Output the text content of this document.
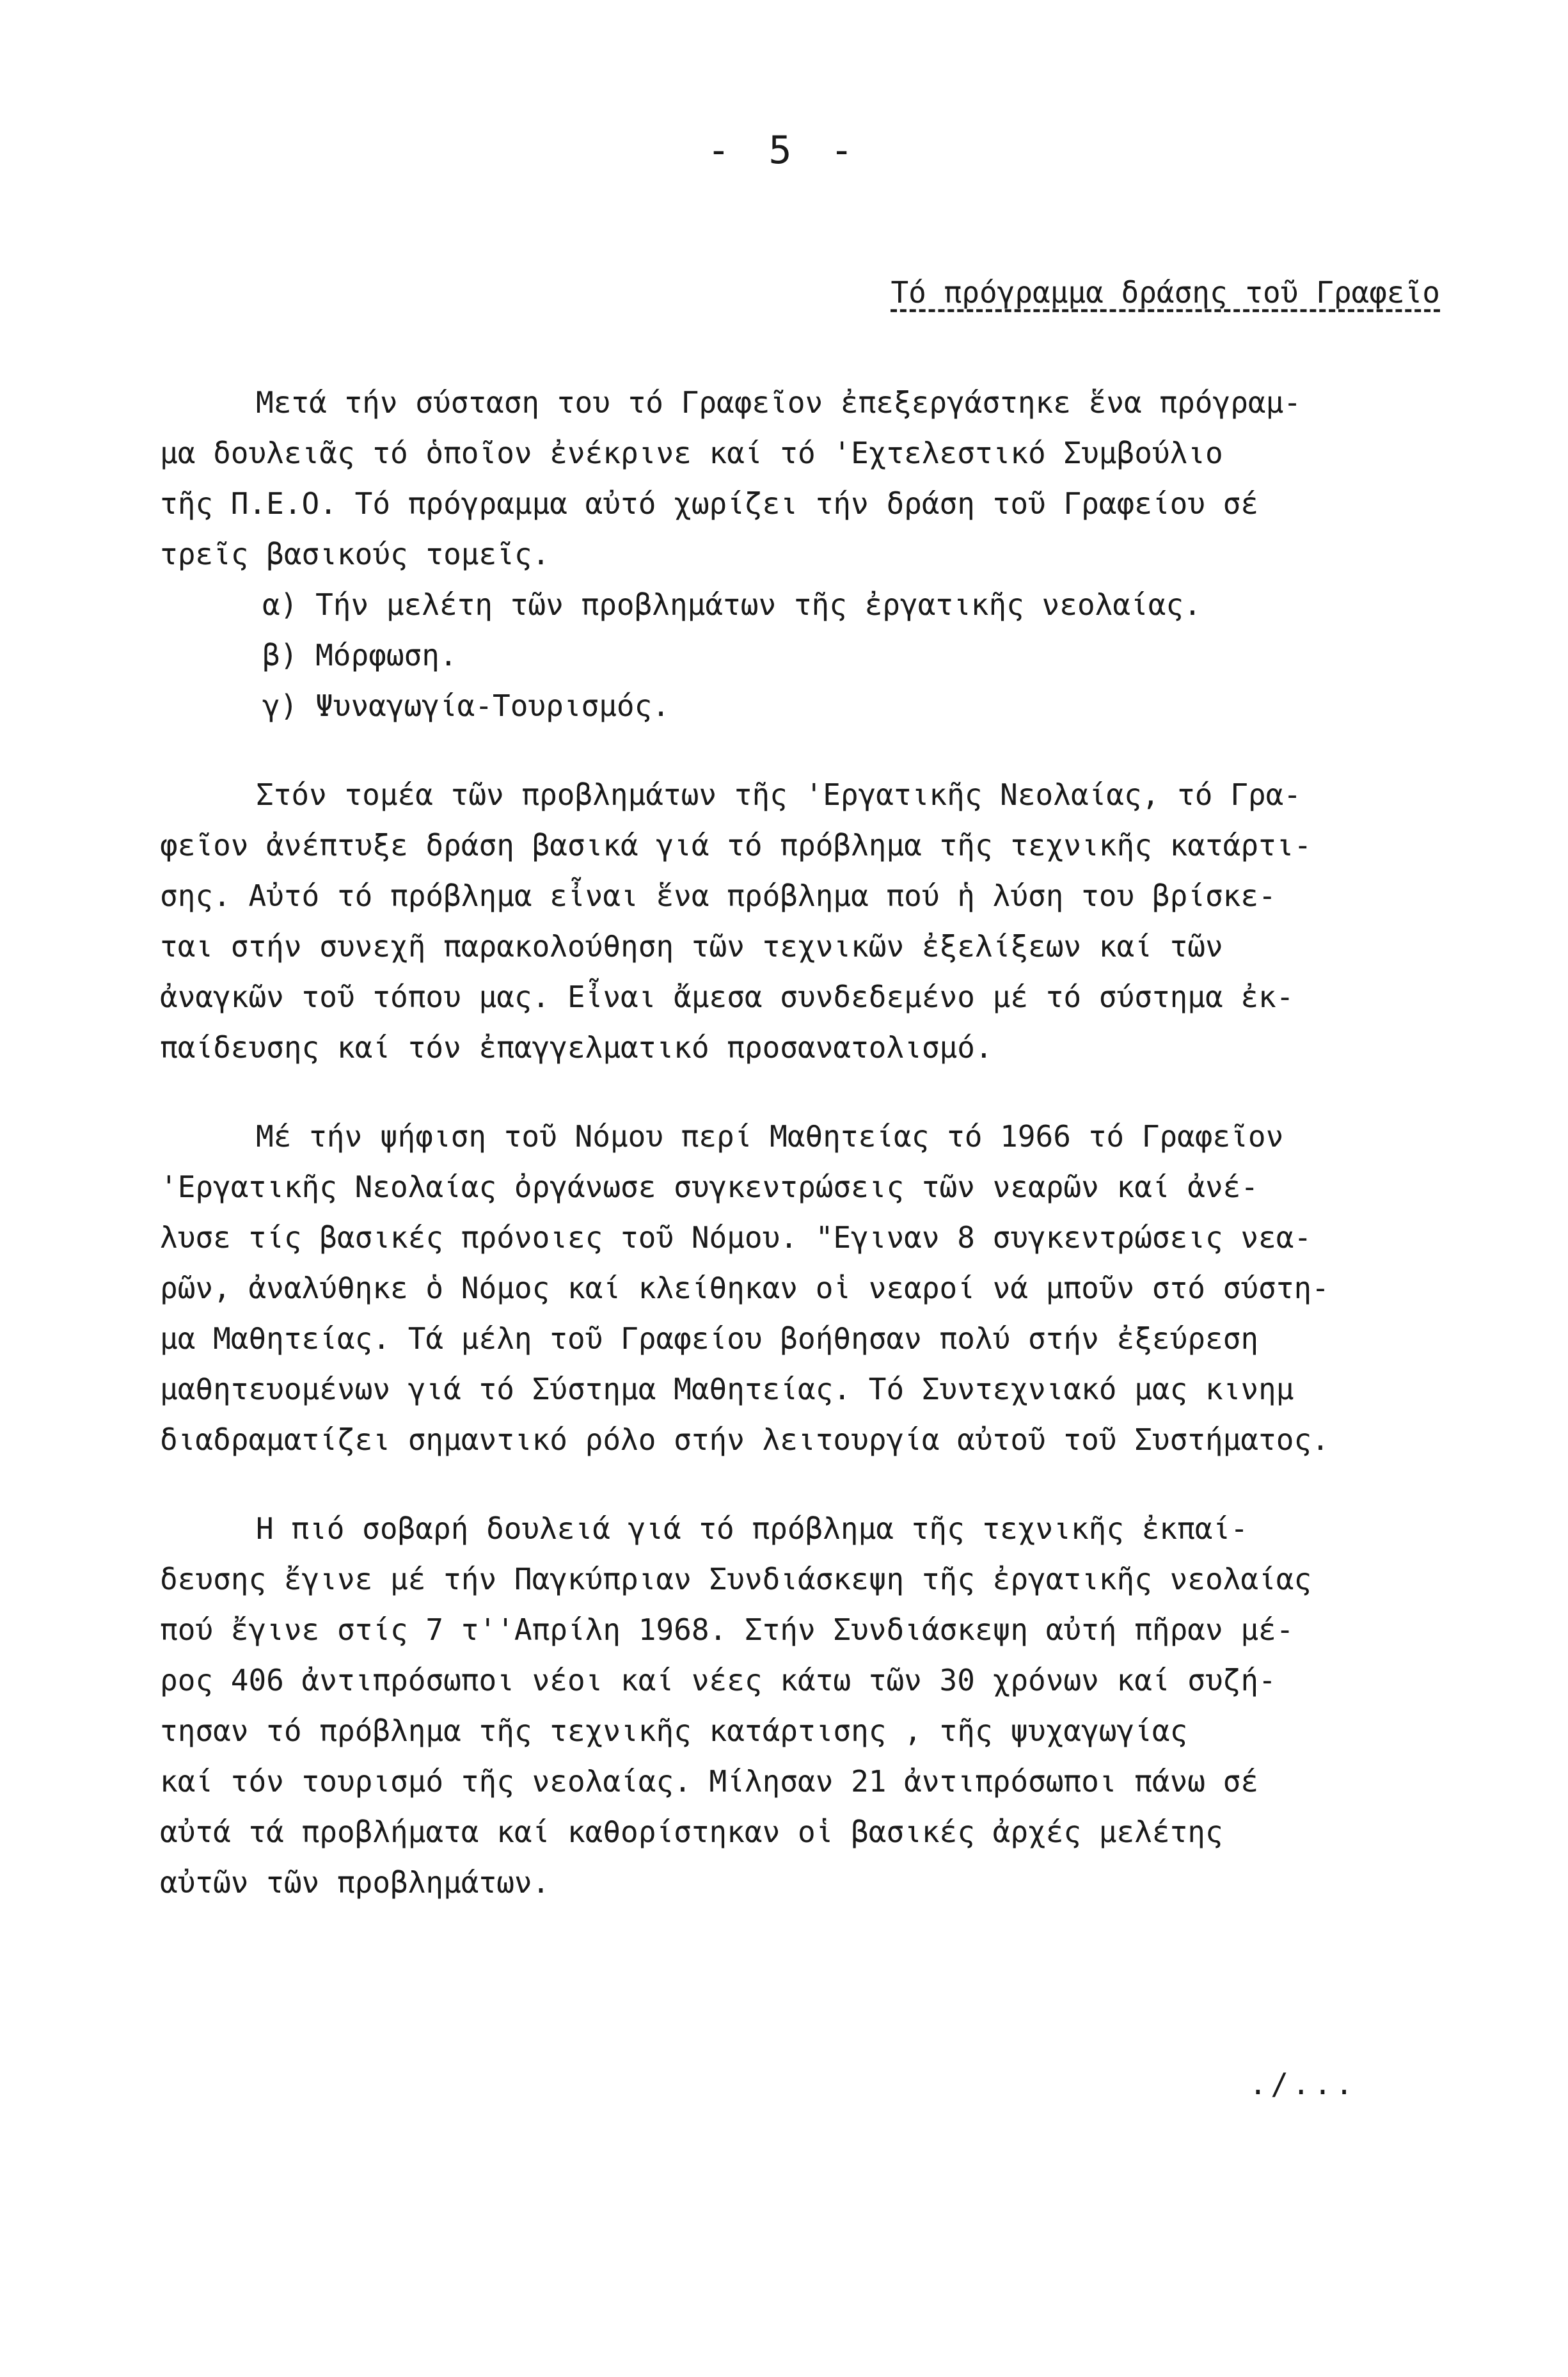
- 5 -
Τό πρόγραμμα δράσης τοῦ Γραφεῖο
Μετά τήν σύσταση του τό Γραφεῖον ἐπεξεργάστηκε ἕνα πρόγραμ-
μα δουλειᾶς τό ὁποῖον ἐνέκρινε καί τό 'Εχτελεστικό Συμβούλιο
τῆς Π.Ε.Ο. Τό πρόγραμμα αὐτό χωρίζει τήν δράση τοῦ Γραφείου σέ
τρεῖς βασικούς τομεῖς.
α) Τήν μελέτη τῶν προβλημάτων τῆς ἐργατικῆς νεολαίας.
β) Μόρφωση.
γ) Ψυναγωγία-Τουρισμός.
Στόν τομέα τῶν προβλημάτων τῆς 'Εργατικῆς Νεολαίας, τό Γρα-
φεῖον ἀνέπτυξε δράση βασικά γιά τό πρόβλημα τῆς τεχνικῆς κατάρτι-
σης. Αὐτό τό πρόβλημα εἶναι ἕνα πρόβλημα πού ἡ λύση του βρίσκε-
ται στήν συνεχῆ παρακολούθηση τῶν τεχνικῶν ἐξελίξεων καί τῶν
ἀναγκῶν τοῦ τόπου μας. Εἶναι ἄμεσα συνδεδεμένο μέ τό σύστημα ἐκ-
παίδευσης καί τόν ἐπαγγελματικό προσανατολισμό.
Μέ τήν ψήφιση τοῦ Νόμου περί Μαθητείας τό 1966 τό Γραφεῖον
'Εργατικῆς Νεολαίας ὀργάνωσε συγκεντρώσεις τῶν νεαρῶν καί ἀνέ-
λυσε τίς βασικές πρόνοιες τοῦ Νόμου. "Εγιναν 8 συγκεντρώσεις νεα-
ρῶν, ἀναλύθηκε ὁ Νόμος καί κλείθηκαν οἱ νεαροί νά μποῦν στό σύστη-
μα Μαθητείας. Τά μέλη τοῦ Γραφείου βοήθησαν πολύ στήν ἐξεύρεση
μαθητευομένων γιά τό Σύστημα Μαθητείας. Τό Συντεχνιακό μας κινημ
διαδραματίζει σημαντικό ρόλο στήν λειτουργία αὐτοῦ τοῦ Συστήματος.
Η πιό σοβαρή δουλειά γιά τό πρόβλημα τῆς τεχνικῆς ἐκπαί-
δευσης ἔγινε μέ τήν Παγκύπριαν Συνδιάσκεψη τῆς ἐργατικῆς νεολαίας
πού ἔγινε στίς 7 τ''Απρίλη 1968. Στήν Συνδιάσκεψη αὐτή πῆραν μέ-
ρος 406 ἀντιπρόσωποι νέοι καί νέες κάτω τῶν 30 χρόνων καί συζή-
τησαν τό πρόβλημα τῆς τεχνικῆς κατάρτισης , τῆς ψυχαγωγίας
καί τόν τουρισμό τῆς νεολαίας. Μίλησαν 21 ἀντιπρόσωποι πάνω σέ
αὐτά τά προβλήματα καί καθορίστηκαν οἱ βασικές ἀρχές μελέτης
αὐτῶν τῶν προβλημάτων.
./...
